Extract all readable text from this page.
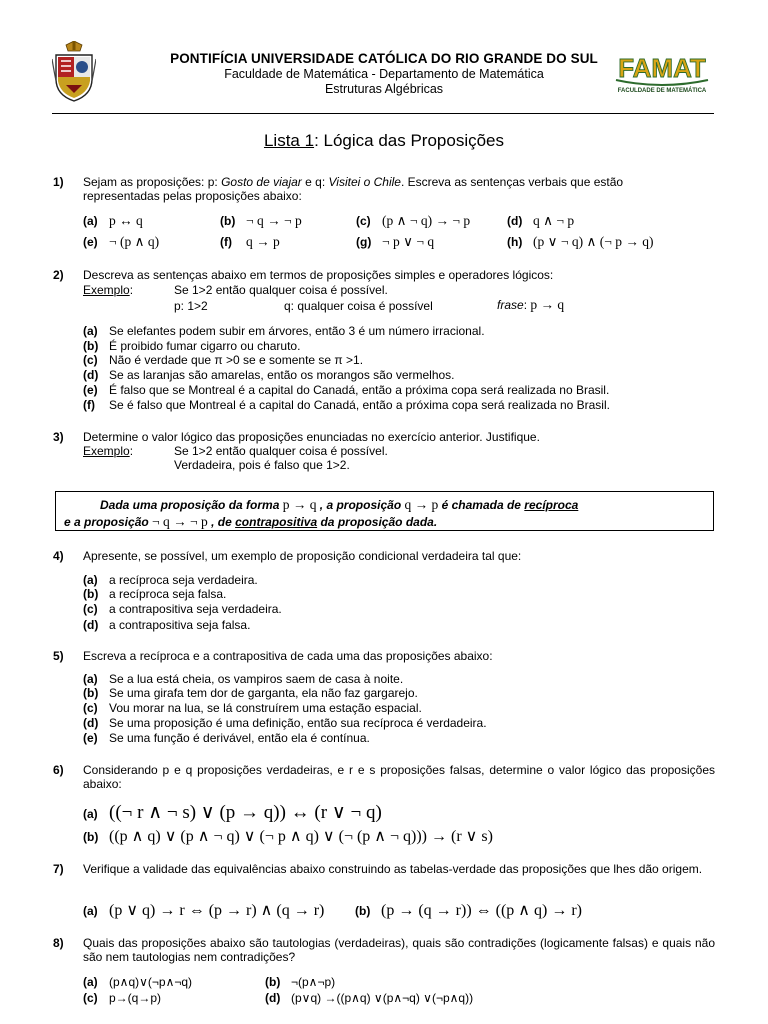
FAMAT
FACULDADE DE MATEMÁTICA
PONTIFÍCIA UNIVERSIDADE CATÓLICA DO RIO GRANDE DO SUL
Faculdade de Matemática - Departamento de Matemática
Estruturas Algébricas
Lista 1: Lógica das Proposições
1) Sejam as proposições: p: Gosto de viajar e q: Visitei o Chile. Escreva as sentenças verbais que estão
representadas pelas proposições abaixo:
(a) p ↔ q	(b) ¬ q → ¬ p	(c) (p ∧ ¬ q) → ¬ p	(d) q ∧ ¬ p
(e) ¬ (p ∧ q)	(f) q → p	(g) ¬ p ∨ ¬ q	(h) (p ∨ ¬ q) ∧ (¬ p → q)
2) Descreva as sentenças abaixo em termos de proposições simples e operadores lógicos:
Exemplo:	Se 1>2 então qualquer coisa é possível.
p: 1>2	q: qualquer coisa é possível	frase: p → q
(a) Se elefantes podem subir em árvores, então 3 é um número irracional.
(b) É proibido fumar cigarro ou charuto.
(c) Não é verdade que π >0 se e somente se π >1.
(d) Se as laranjas são amarelas, então os morangos são vermelhos.
(e) É falso que se Montreal é a capital do Canadá, então a próxima copa será realizada no Brasil.
(f) Se é falso que Montreal é a capital do Canadá, então a próxima copa será realizada no Brasil.
3) Determine o valor lógico das proposições enunciadas no exercício anterior. Justifique.
Exemplo:	Se 1>2 então qualquer coisa é possível.
Verdadeira, pois é falso que 1>2.
Dada uma proposição da forma p → q , a proposição q → p é chamada de recíproca
e a proposição ¬ q → ¬ p , de contrapositiva da proposição dada.
4) Apresente, se possível, um exemplo de proposição condicional verdadeira tal que:
(a) a recíproca seja verdadeira.
(b) a recíproca seja falsa.
(c) a contrapositiva seja verdadeira.
(d) a contrapositiva seja falsa.
5) Escreva a recíproca e a contrapositiva de cada uma das proposições abaixo:
(a) Se a lua está cheia, os vampiros saem de casa à noite.
(b) Se uma girafa tem dor de garganta, ela não faz gargarejo.
(c) Vou morar na lua, se lá construírem uma estação espacial.
(d) Se uma proposição é uma definição, então sua recíproca é verdadeira.
(e) Se uma função é derivável, então ela é contínua.
6) Considerando p e q proposições verdadeiras, e r e s proposições falsas, determine o valor lógico das proposições abaixo:
(a) ((¬ r ∧ ¬ s) ∨ (p → q)) ↔ (r ∨ ¬ q)
(b) ((p ∧ q) ∨ (p ∧ ¬ q) ∨ (¬ p ∧ q) ∨ (¬ (p ∧ ¬ q))) → (r ∨ s)
7) Verifique a validade das equivalências abaixo construindo as tabelas-verdade das proposições que lhes dão origem.
(a) (p ∨ q) → r ⇔ (p → r) ∧ (q → r)	(b) (p → (q → r)) ⇔ ((p ∧ q) → r)
8) Quais das proposições abaixo são tautologias (verdadeiras), quais são contradições (logicamente falsas) e quais não são nem tautologias nem contradições?
(a) (p∧q)∨(¬p∧¬q)	(b) ¬(p∧¬p)
(c) p→(q→p)	(d) (p∨q) →((p∧q) ∨(p∧¬q) ∨(¬p∧q))
